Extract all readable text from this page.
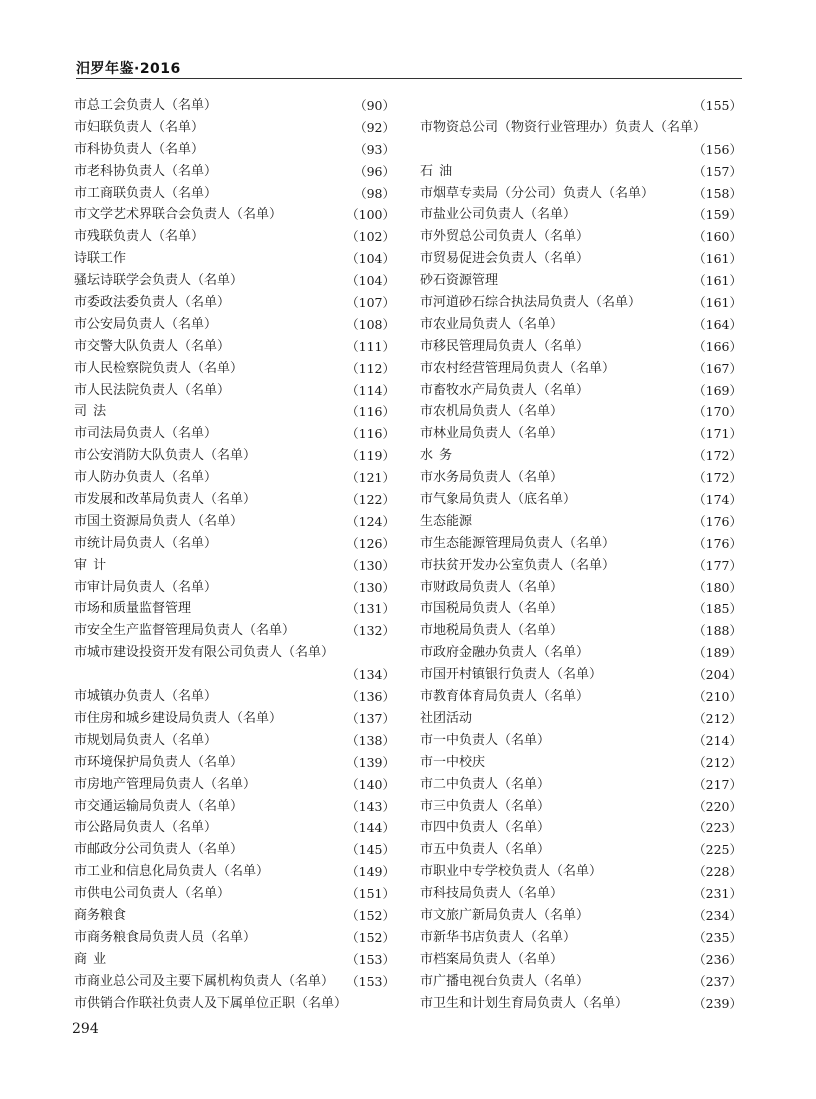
汨罗年鉴·2016
市总工会负责人（名单）	（90）
市妇联负责人（名单）	（92）
市科协负责人（名单）	（93）
市老科协负责人（名单）	（96）
市工商联负责人（名单）	（98）
市文学艺术界联合会负责人（名单）	（100）
市残联负责人（名单）	（102）
诗联工作	（104）
骚坛诗联学会负责人（名单）	（104）
市委政法委负责人（名单）	（107）
市公安局负责人（名单）	（108）
市交警大队负责人（名单）	（111）
市人民检察院负责人（名单）	（112）
市人民法院负责人（名单）	（114）
司 法	（116）
市司法局负责人（名单）	（116）
市公安消防大队负责人（名单）	（119）
市人防办负责人（名单）	（121）
市发展和改革局负责人（名单）	（122）
市国土资源局负责人（名单）	（124）
市统计局负责人（名单）	（126）
审 计	（130）
市审计局负责人（名单）	（130）
市场和质量监督管理	（131）
市安全生产监督管理局负责人（名单）	（132）
市城市建设投资开发有限公司负责人（名单）
（134）
市城镇办负责人（名单）	（136）
市住房和城乡建设局负责人（名单）	（137）
市规划局负责人（名单）	（138）
市环境保护局负责人（名单）	（139）
市房地产管理局负责人（名单）	（140）
市交通运输局负责人（名单）	（143）
市公路局负责人（名单）	（144）
市邮政分公司负责人（名单）	（145）
市工业和信息化局负责人（名单）	（149）
市供电公司负责人（名单）	（151）
商务粮食	（152）
市商务粮食局负责人员（名单）	（152）
商 业	（153）
市商业总公司及主要下属机构负责人（名单） （153）
市供销合作联社负责人及下属单位正职（名单）
（155）
市物资总公司（物资行业管理办）负责人（名单）
（156）
石 油	（157）
市烟草专卖局（分公司）负责人（名单）	（158）
市盐业公司负责人（名单）	（159）
市外贸总公司负责人（名单）	（160）
市贸易促进会负责人（名单）	（161）
砂石资源管理	（161）
市河道砂石综合执法局负责人（名单）	（161）
市农业局负责人（名单）	（164）
市移民管理局负责人（名单）	（166）
市农村经营管理局负责人（名单）	（167）
市畜牧水产局负责人（名单）	（169）
市农机局负责人（名单）	（170）
市林业局负责人（名单）	（171）
水 务	（172）
市水务局负责人（名单）	（172）
市气象局负责人（底名单）	（174）
生态能源	（176）
市生态能源管理局负责人（名单）	（176）
市扶贫开发办公室负责人（名单）	（177）
市财政局负责人（名单）	（180）
市国税局负责人（名单）	（185）
市地税局负责人（名单）	（188）
市政府金融办负责人（名单）	（189）
市国开村镇银行负责人（名单）	（204）
市教育体育局负责人（名单）	（210）
社团活动	（212）
市一中负责人（名单）	（214）
市一中校庆	（212）
市二中负责人（名单）	（217）
市三中负责人（名单）	（220）
市四中负责人（名单）	（223）
市五中负责人（名单）	（225）
市职业中专学校负责人（名单）	（228）
市科技局负责人（名单）	（231）
市文旅广新局负责人（名单）	（234）
市新华书店负责人（名单）	（235）
市档案局负责人（名单）	（236）
市广播电视台负责人（名单）	（237）
市卫生和计划生育局负责人（名单）	（239）
294
